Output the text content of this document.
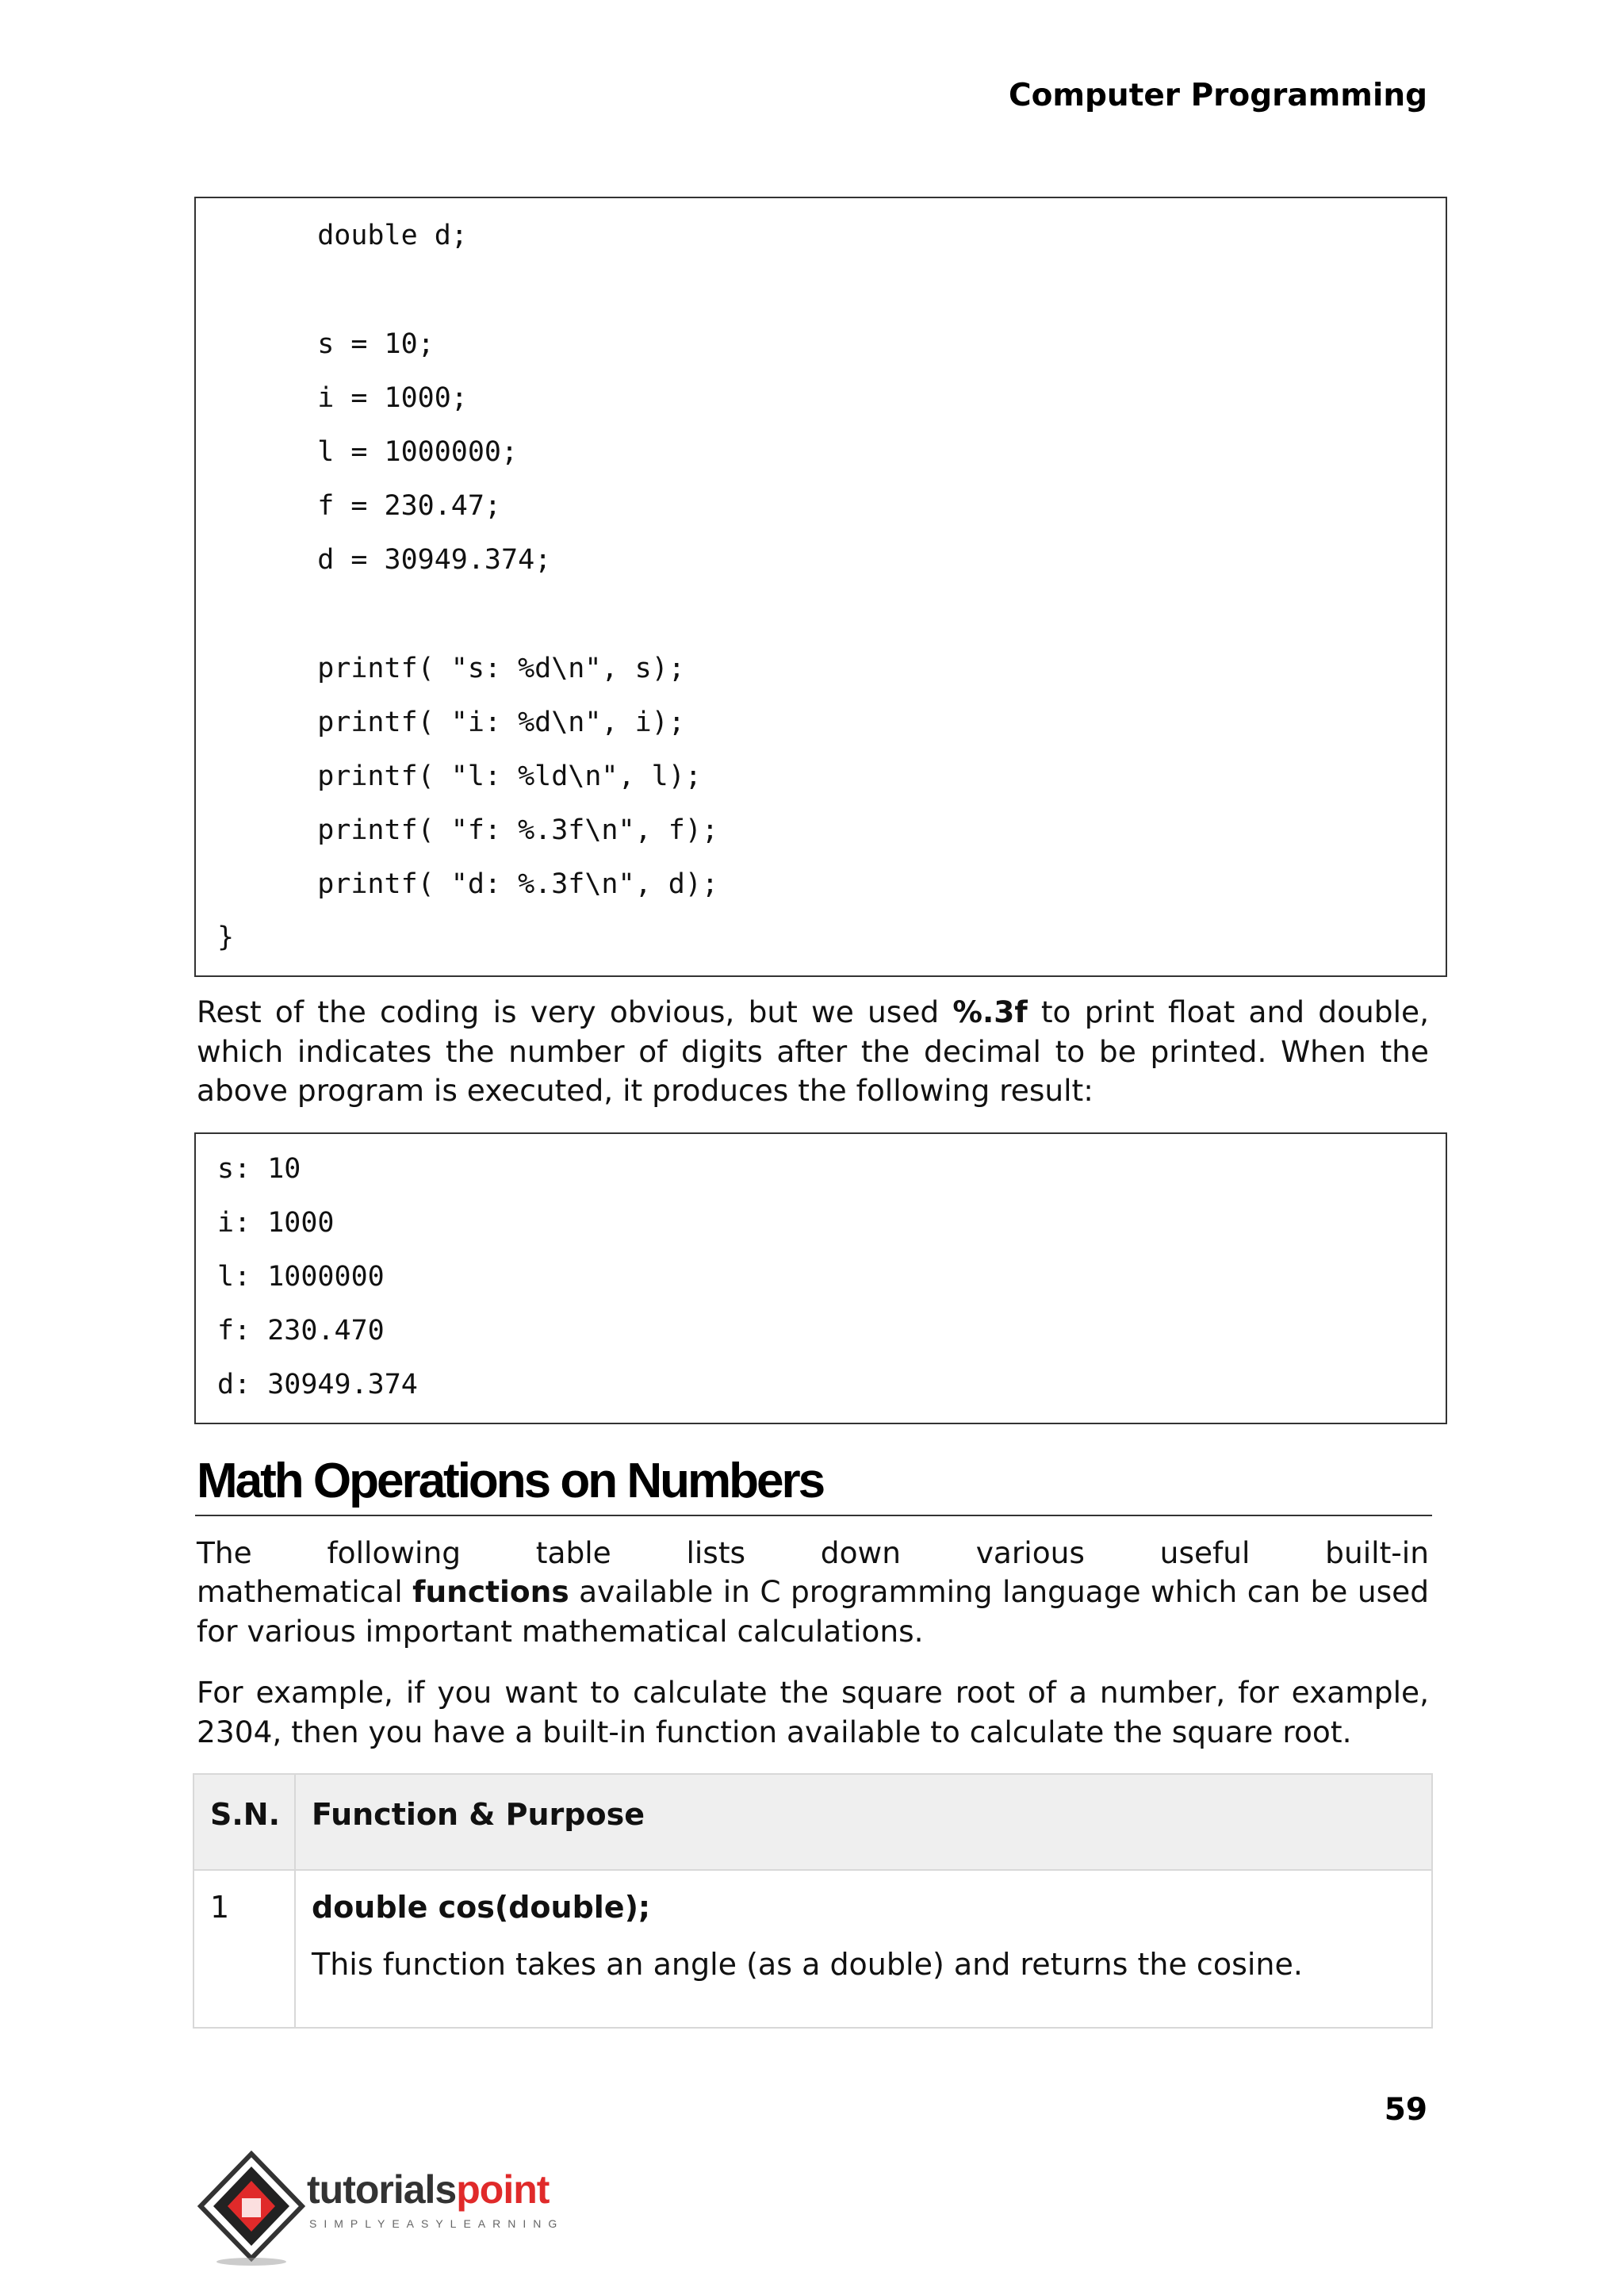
Computer Programming
double d;
s = 10;
i = 1000;
l = 1000000;
f = 230.47;
d = 30949.374;
printf( "s: %d\n", s);
printf( "i: %d\n", i);
printf( "l: %ld\n", l);
printf( "f: %.3f\n", f);
printf( "d: %.3f\n", d);
}
Rest of the coding is very obvious, but we used %.3f to print float and double, which indicates the number of digits after the decimal to be printed. When the above program is executed, it produces the following result:
s: 10
i: 1000
l: 1000000
f: 230.470
d: 30949.374
Math Operations on Numbers
The following table lists down various useful built-in
mathematical functions available in C programming language which can be used for various important mathematical calculations.
For example, if you want to calculate the square root of a number, for example, 2304, then you have a built-in function available to calculate the square root.
S.N.	Function & Purpose
1	double cos(double);
This function takes an angle (as a double) and returns the cosine.
59
tutorialspoint
SIMPLYEASYLEARNING
